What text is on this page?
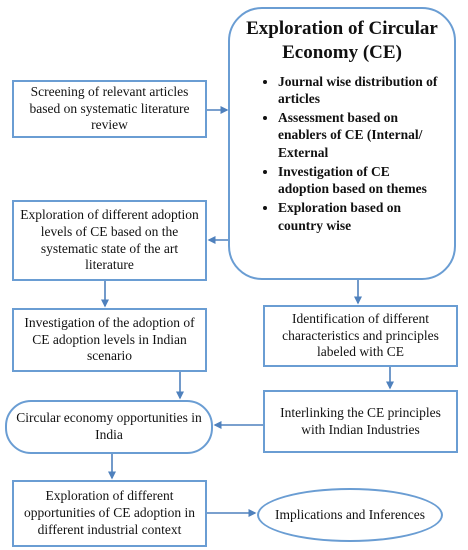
Screening of relevant articles based on systematic literature review
Exploration of different adoption levels of CE based on the systematic state of the art literature
Investigation of the adoption of CE adoption levels in Indian scenario
Circular economy opportunities in India
Exploration of different opportunities of CE adoption in different industrial context
Implications and Inferences
Identification of different characteristics and principles labeled with CE
Interlinking the CE principles with Indian Industries
Exploration of Circular Economy (CE)
• Journal wise distribution of articles
• Assessment based on enablers of CE (Internal/ External
• Investigation of CE adoption based on themes
• Exploration based on country wise
